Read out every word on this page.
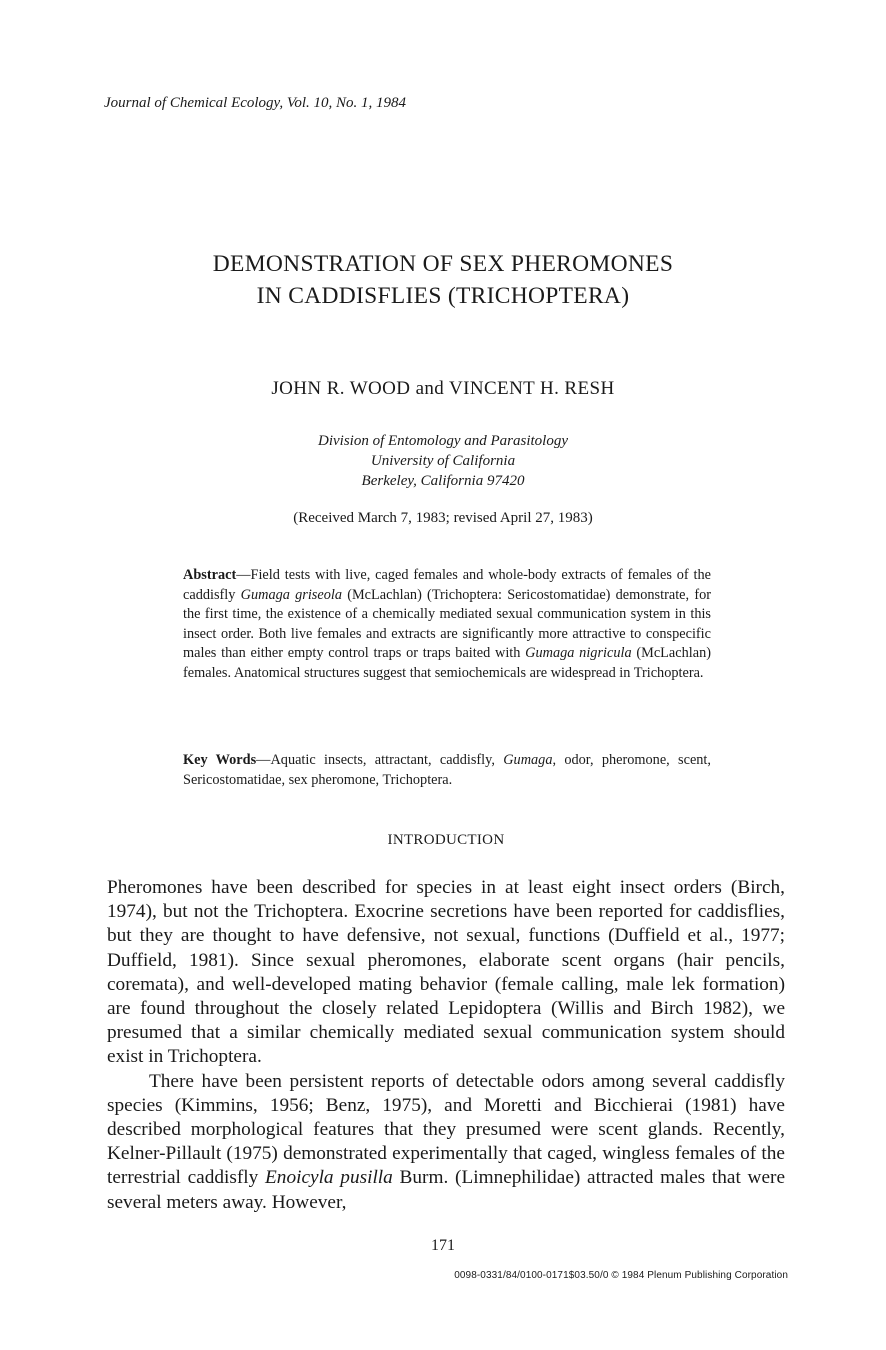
Journal of Chemical Ecology, Vol. 10, No. 1, 1984
DEMONSTRATION OF SEX PHEROMONES
IN CADDISFLIES (TRICHOPTERA)
JOHN R. WOOD and VINCENT H. RESH
Division of Entomology and Parasitology
University of California
Berkeley, California 97420
(Received March 7, 1983; revised April 27, 1983)
Abstract—Field tests with live, caged females and whole-body extracts of females of the caddisfly Gumaga griseola (McLachlan) (Trichoptera: Sericostomatidae) demonstrate, for the first time, the existence of a chemically mediated sexual communication system in this insect order. Both live females and extracts are significantly more attractive to conspecific males than either empty control traps or traps baited with Gumaga nigricula (McLachlan) females. Anatomical structures suggest that semiochemicals are widespread in Trichoptera.
Key Words—Aquatic insects, attractant, caddisfly, Gumaga, odor, pheromone, scent, Sericostomatidae, sex pheromone, Trichoptera.
INTRODUCTION

Pheromones have been described for species in at least eight insect orders (Birch, 1974), but not the Trichoptera. Exocrine secretions have been reported for caddisflies, but they are thought to have defensive, not sexual, functions (Duffield et al., 1977; Duffield, 1981). Since sexual pheromones, elaborate scent organs (hair pencils, coremata), and well-developed mating behavior (female calling, male lek formation) are found throughout the closely related Lepidoptera (Willis and Birch 1982), we presumed that a similar chemically mediated sexual communication system should exist in Trichoptera.

There have been persistent reports of detectable odors among several caddisfly species (Kimmins, 1956; Benz, 1975), and Moretti and Bicchierai (1981) have described morphological features that they presumed were scent glands. Recently, Kelner-Pillault (1975) demonstrated experimentally that caged, wingless females of the terrestrial caddisfly Enoicyla pusilla Burm. (Limnephilidae) attracted males that were several meters away. However,

171
0098-0331/84/0100-0171$03.50/0 © 1984 Plenum Publishing Corporation
